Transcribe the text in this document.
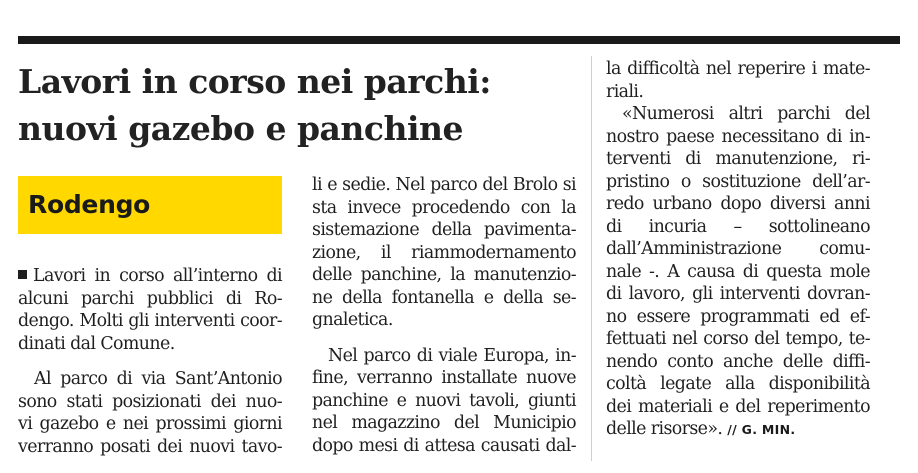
Lavori in corso nei parchi:
nuovi gazebo e panchine
Rodengo
Lavori in corso all’interno di
alcuni parchi pubblici di Ro-
dengo. Molti gli interventi coor-
dinati dal Comune.
Al parco di via Sant’Antonio
sono stati posizionati dei nuo-
vi gazebo e nei prossimi giorni
verranno posati dei nuovi tavo-
li e sedie. Nel parco del Brolo si
sta invece procedendo con la
sistemazione della pavimenta-
zione, il riammodernamento
delle panchine, la manutenzio-
ne della fontanella e della se-
gnaletica.
Nel parco di viale Europa, in-
fine, verranno installate nuove
panchine e nuovi tavoli, giunti
nel magazzino del Municipio
dopo mesi di attesa causati dal-
la difficoltà nel reperire i mate-
riali.
«Numerosi altri parchi del
nostro paese necessitano di in-
terventi di manutenzione, ri-
pristino o sostituzione dell’ar-
redo urbano dopo diversi anni
di incuria – sottolineano
dall’Amministrazione comu-
nale -. A causa di questa mole
di lavoro, gli interventi dovran-
no essere programmati ed ef-
fettuati nel corso del tempo, te-
nendo conto anche delle diffi-
coltà legate alla disponibilità
dei materiali e del reperimento
delle risorse». // G. MIN.
